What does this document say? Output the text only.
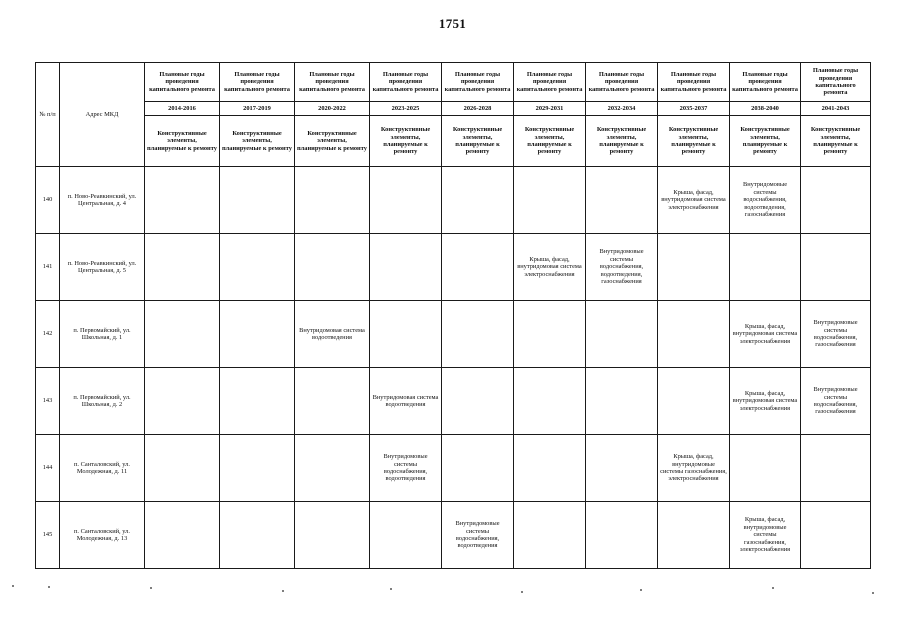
1751
№ п/п	Адрес МКД	Плановые годы проведения капитального ремонта	Плановые годы проведения капитального ремонта	Плановые годы проведения капитального ремонта	Плановые годы проведения капитального ремонта	Плановые годы проведения капитального ремонта	Плановые годы проведения капитального ремонта	Плановые годы проведения капитального ремонта	Плановые годы проведения капитального ремонта	Плановые годы проведения капитального ремонта	Плановые годы проведения капитального ремонта
		2014-2016	2017-2019	2020-2022	2023-2025	2026-2028	2029-2031	2032-2034	2035-2037	2038-2040	2041-2043
		Конструктивные элементы, планируемые к ремонту	Конструктивные элементы, планируемые к ремонту	Конструктивные элементы, планируемые к ремонту	Конструктивные элементы, планируемые к ремонту	Конструктивные элементы, планируемые к ремонту	Конструктивные элементы, планируемые к ремонту	Конструктивные элементы, планируемые к ремонту	Конструктивные элементы, планируемые к ремонту	Конструктивные элементы, планируемые к ремонту	Конструктивные элементы, планируемые к ремонту
140	п. Ново-Реавкинский, ул. Центральная, д. 4								Крыша, фасад, внутридомовая система электроснабжения	Внутридомовые системы водоснабжения, водоотведения, газоснабжения	
141	п. Ново-Реавкинский, ул. Центральная, д. 5						Крыша, фасад, внутридомовая система электроснабжения	Внутридомовые системы водоснабжения, водоотведения, газоснабжения			
142	п. Первомайский, ул. Школьная, д. 1			Внутридомовая система водоотведения						Крыша, фасад, внутридомовая система электроснабжения	Внутридомовые системы водоснабжения, газоснабжения
143	п. Первомайский, ул. Школьная, д. 2				Внутридомовая система водоотведения					Крыша, фасад, внутридомовая система электроснабжения	Внутридомовые системы водоснабжения, газоснабжения
144	п. Санталовский, ул. Молодежная, д. 11				Внутридомовые системы водоснабжения, водоотведения				Крыша, фасад, внутридомовые системы газоснабжения, электроснабжения		
145	п. Санталовский, ул. Молодежная, д. 13					Внутридомовые системы водоснабжения, водоотведения				Крыша, фасад, внутридомовые системы газоснабжения, электроснабжения	
